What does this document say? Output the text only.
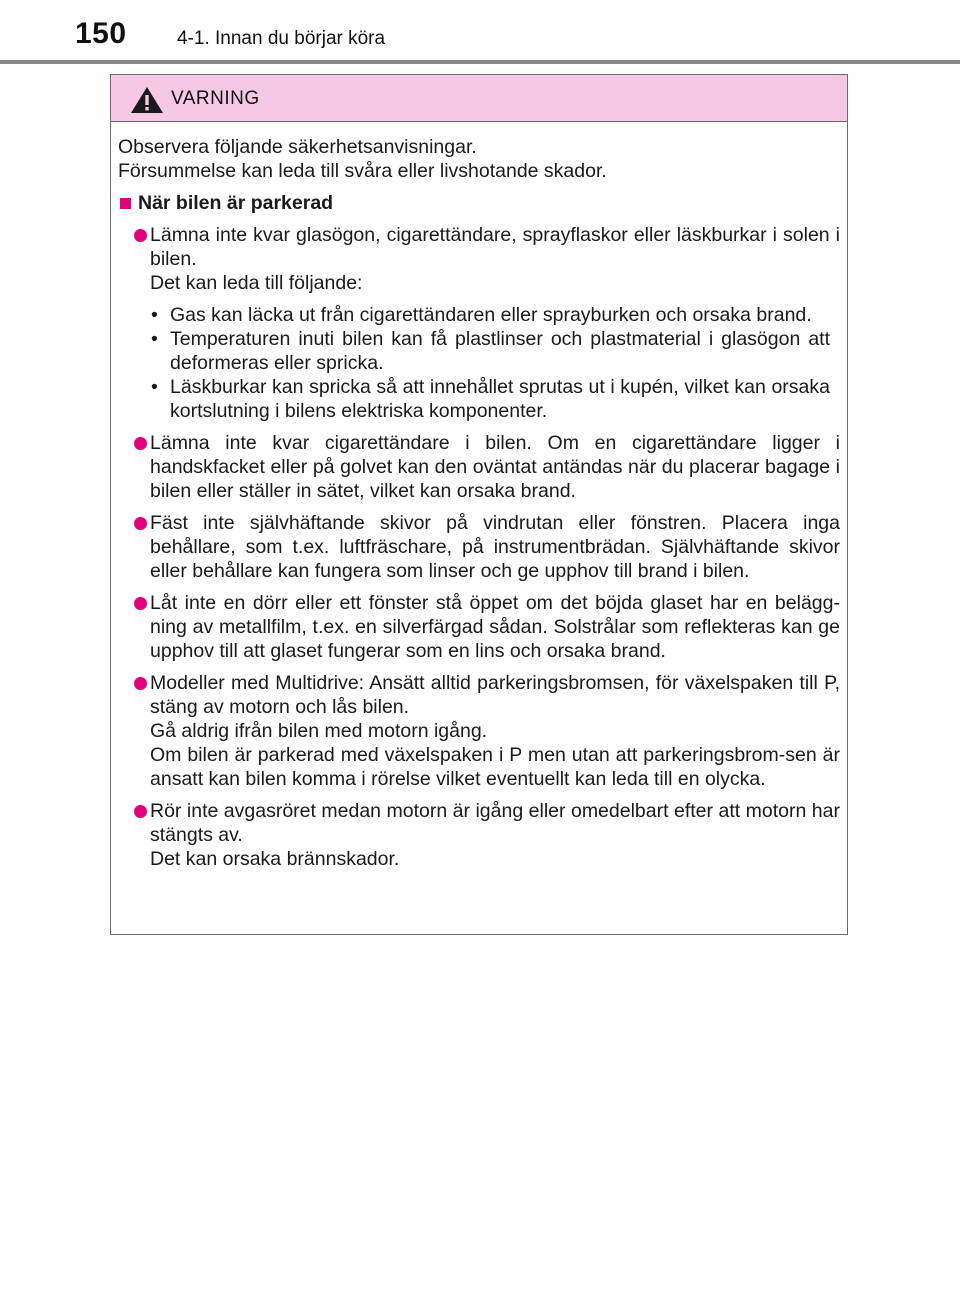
150	4-1. Innan du börjar köra
VARNING

Observera följande säkerhetsanvisningar.

Försummelse kan leda till svåra eller livshotande skador.

När bilen är parkerad

Lämna inte kvar glasögon, cigarettändare, sprayflaskor eller läskburkar i solen i bilen.

Det kan leda till följande:

• Gas kan läcka ut från cigarettändaren eller sprayburken och orsaka brand.
• Temperaturen inuti bilen kan få plastlinser och plastmaterial i glasögon att deformeras eller spricka.
• Läskburkar kan spricka så att innehållet sprutas ut i kupén, vilket kan orsaka kortslutning i bilens elektriska komponenter.

Lämna inte kvar cigarettändare i bilen. Om en cigarettändare ligger i handskfacket eller på golvet kan den oväntat antändas när du placerar bagage i bilen eller ställer in sätet, vilket kan orsaka brand.

Fäst inte självhäftande skivor på vindrutan eller fönstren. Placera inga behållare, som t.ex. luftfräschare, på instrumentbrädan. Självhäftande skivor eller behållare kan fungera som linser och ge upphov till brand i bilen.

Låt inte en dörr eller ett fönster stå öppet om det böjda glaset har en belägg-ning av metallfilm, t.ex. en silverfärgad sådan. Solstrålar som reflekteras kan ge upphov till att glaset fungerar som en lins och orsaka brand.

Modeller med Multidrive: Ansätt alltid parkeringsbromsen, för växelspaken till P, stäng av motorn och lås bilen.

Gå aldrig ifrån bilen med motorn igång.

Om bilen är parkerad med växelspaken i P men utan att parkeringsbrom-sen är ansatt kan bilen komma i rörelse vilket eventuellt kan leda till en olycka.

Rör inte avgasröret medan motorn är igång eller omedelbart efter att motorn har stängts av.

Det kan orsaka brännskador.
